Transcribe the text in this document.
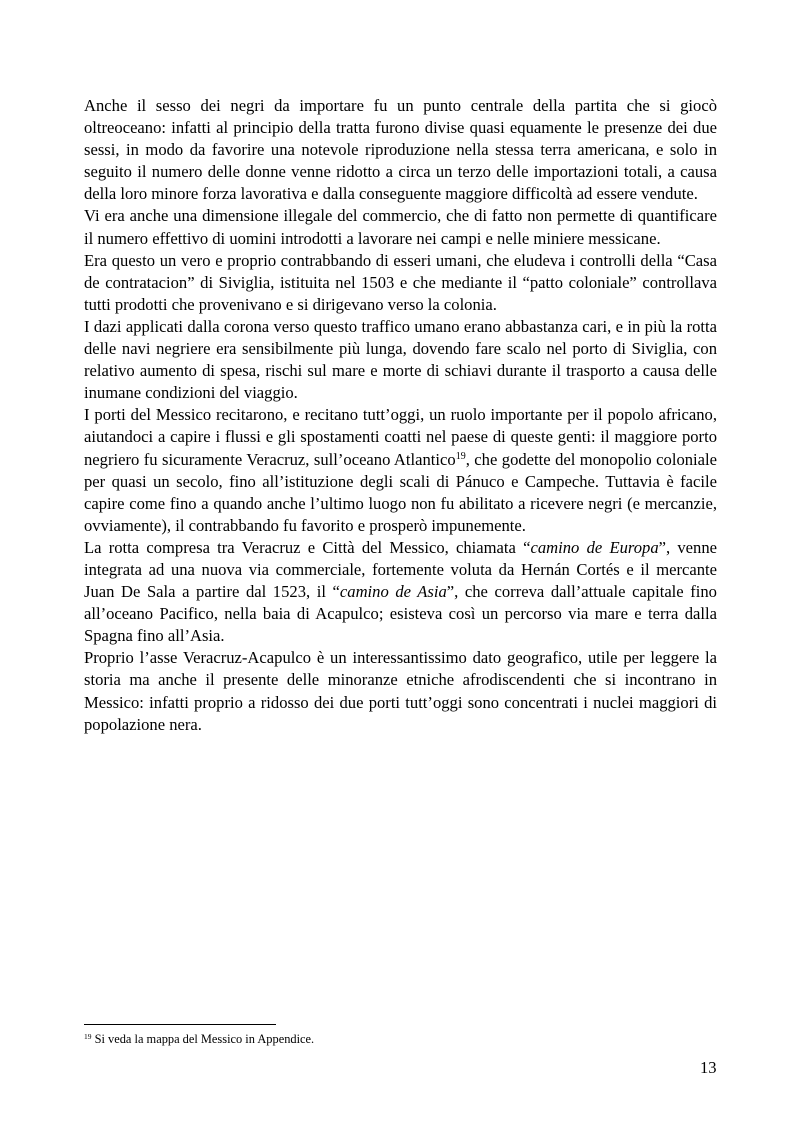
Anche il sesso dei negri da importare fu un punto centrale della partita che si giocò oltreoceano: infatti al principio della tratta furono divise quasi equamente le presenze dei due sessi, in modo da favorire una notevole riproduzione nella stessa terra americana, e solo in seguito il numero delle donne venne ridotto a circa un terzo delle importazioni totali, a causa della loro minore forza lavorativa e dalla conseguente maggiore difficoltà ad essere vendute.

Vi era anche una dimensione illegale del commercio, che di fatto non permette di quantificare il numero effettivo di uomini introdotti a lavorare nei campi e nelle miniere messicane.

Era questo un vero e proprio contrabbando di esseri umani, che eludeva i controlli della “Casa de contratacion” di Siviglia, istituita nel 1503 e che mediante il “patto coloniale” controllava tutti prodotti che provenivano e si dirigevano verso la colonia.

I dazi applicati dalla corona verso questo traffico umano erano abbastanza cari, e in più la rotta delle navi negriere era sensibilmente più lunga, dovendo fare scalo nel porto di Siviglia, con relativo aumento di spesa, rischi sul mare e morte di schiavi durante il trasporto a causa delle inumane condizioni del viaggio.

I porti del Messico recitarono, e recitano tutt’oggi, un ruolo importante per il popolo africano, aiutandoci a capire i flussi e gli spostamenti coatti nel paese di queste genti: il maggiore porto negriero fu sicuramente Veracruz, sull’oceano Atlantico$^{19}$, che godette del monopolio coloniale per quasi un secolo, fino all’istituzione degli scali di Pánuco e Campeche. Tuttavia è facile capire come fino a quando anche l’ultimo luogo non fu abilitato a ricevere negri (e mercanzie, ovviamente), il contrabbando fu favorito e prosperò impunemente.

La rotta compresa tra Veracruz e Città del Messico, chiamata “camino de Europa”, venne integrata ad una nuova via commerciale, fortemente voluta da Hernán Cortés e il mercante Juan De Sala a partire dal 1523, il “camino de Asia”, che correva dall’attuale capitale fino all’oceano Pacifico, nella baia di Acapulco; esisteva così un percorso via mare e terra dalla Spagna fino all’Asia.

Proprio l’asse Veracruz-Acapulco è un interessantissimo dato geografico, utile per leggere la storia ma anche il presente delle minoranze etniche afrodiscendenti che si incontrano in Messico: infatti proprio a ridosso dei due porti tutt’oggi sono concentrati i nuclei maggiori di popolazione nera.

$^{19}$ Si veda la mappa del Messico in Appendice.

13
